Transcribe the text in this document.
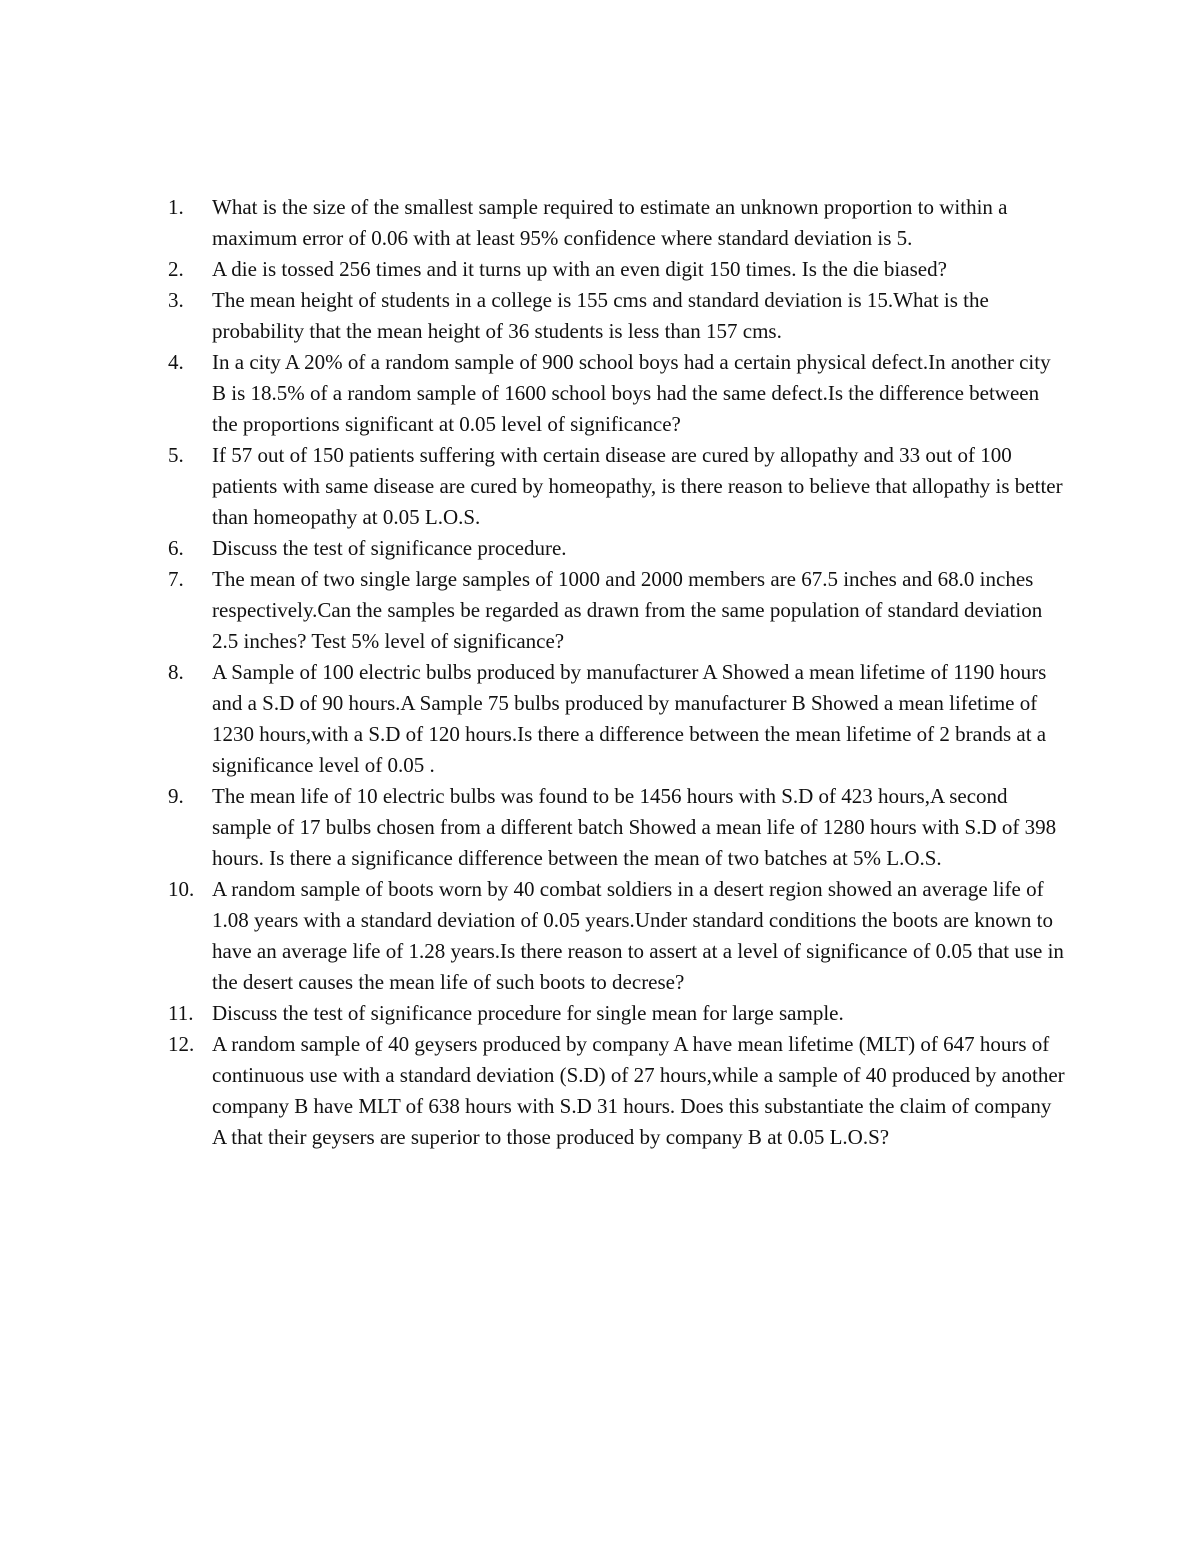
1.	What is the size of the smallest sample required to estimate an unknown proportion to within a maximum error of 0.06 with at least 95% confidence where standard deviation is 5.
2.	A die is tossed 256 times and it turns up with an even digit 150 times. Is the die biased?
3.	The mean height of students in a college is 155 cms and standard deviation is 15.What is the probability that the mean height of 36 students is less than 157 cms.
4.	In a city A 20% of a random sample of 900 school boys had a certain physical defect.In another city B is 18.5% of a random sample of 1600 school boys had the same defect.Is the difference between the proportions significant at 0.05 level of significance?
5.	If 57 out of 150 patients suffering with certain disease are cured by allopathy and 33 out of 100 patients with same disease are cured by homeopathy, is there reason to believe that allopathy is better than homeopathy at 0.05 L.O.S.
6.	Discuss the test of significance procedure.
7.	The mean of two single large samples of 1000 and 2000 members are 67.5 inches and 68.0 inches respectively.Can the samples be regarded as drawn from the same population of standard deviation 2.5 inches? Test 5% level of significance?
8.	A Sample of 100 electric bulbs produced by manufacturer A Showed a mean lifetime of 1190 hours and a S.D of 90 hours.A Sample 75 bulbs produced by manufacturer B Showed a mean lifetime of 1230 hours,with a S.D of 120 hours.Is there a difference between the mean lifetime of 2 brands at a significance level of 0.05 .
9.	The mean life of 10 electric bulbs was found to be 1456 hours with S.D of 423 hours,A second sample of 17 bulbs chosen from a different batch Showed a mean life of 1280 hours with S.D of 398 hours. Is there a significance difference between the mean of two batches at 5% L.O.S.
10. A random sample of boots worn by 40 combat soldiers in a desert region showed an average life of 1.08 years with a standard deviation of 0.05 years.Under standard conditions the boots are known to have an average life of 1.28 years.Is there reason to assert at a level of significance of 0.05 that use in the desert causes the mean life of such boots to decrese?
11. Discuss the test of significance procedure for single mean for large sample.
12. A random sample of 40 geysers produced by company A have mean lifetime (MLT) of 647 hours of continuous use with a standard deviation (S.D) of 27 hours,while a sample of 40 produced by another company B have MLT of 638 hours with S.D 31 hours. Does this substantiate the claim of company A that their geysers are superior to those produced by company B at 0.05 L.O.S?
